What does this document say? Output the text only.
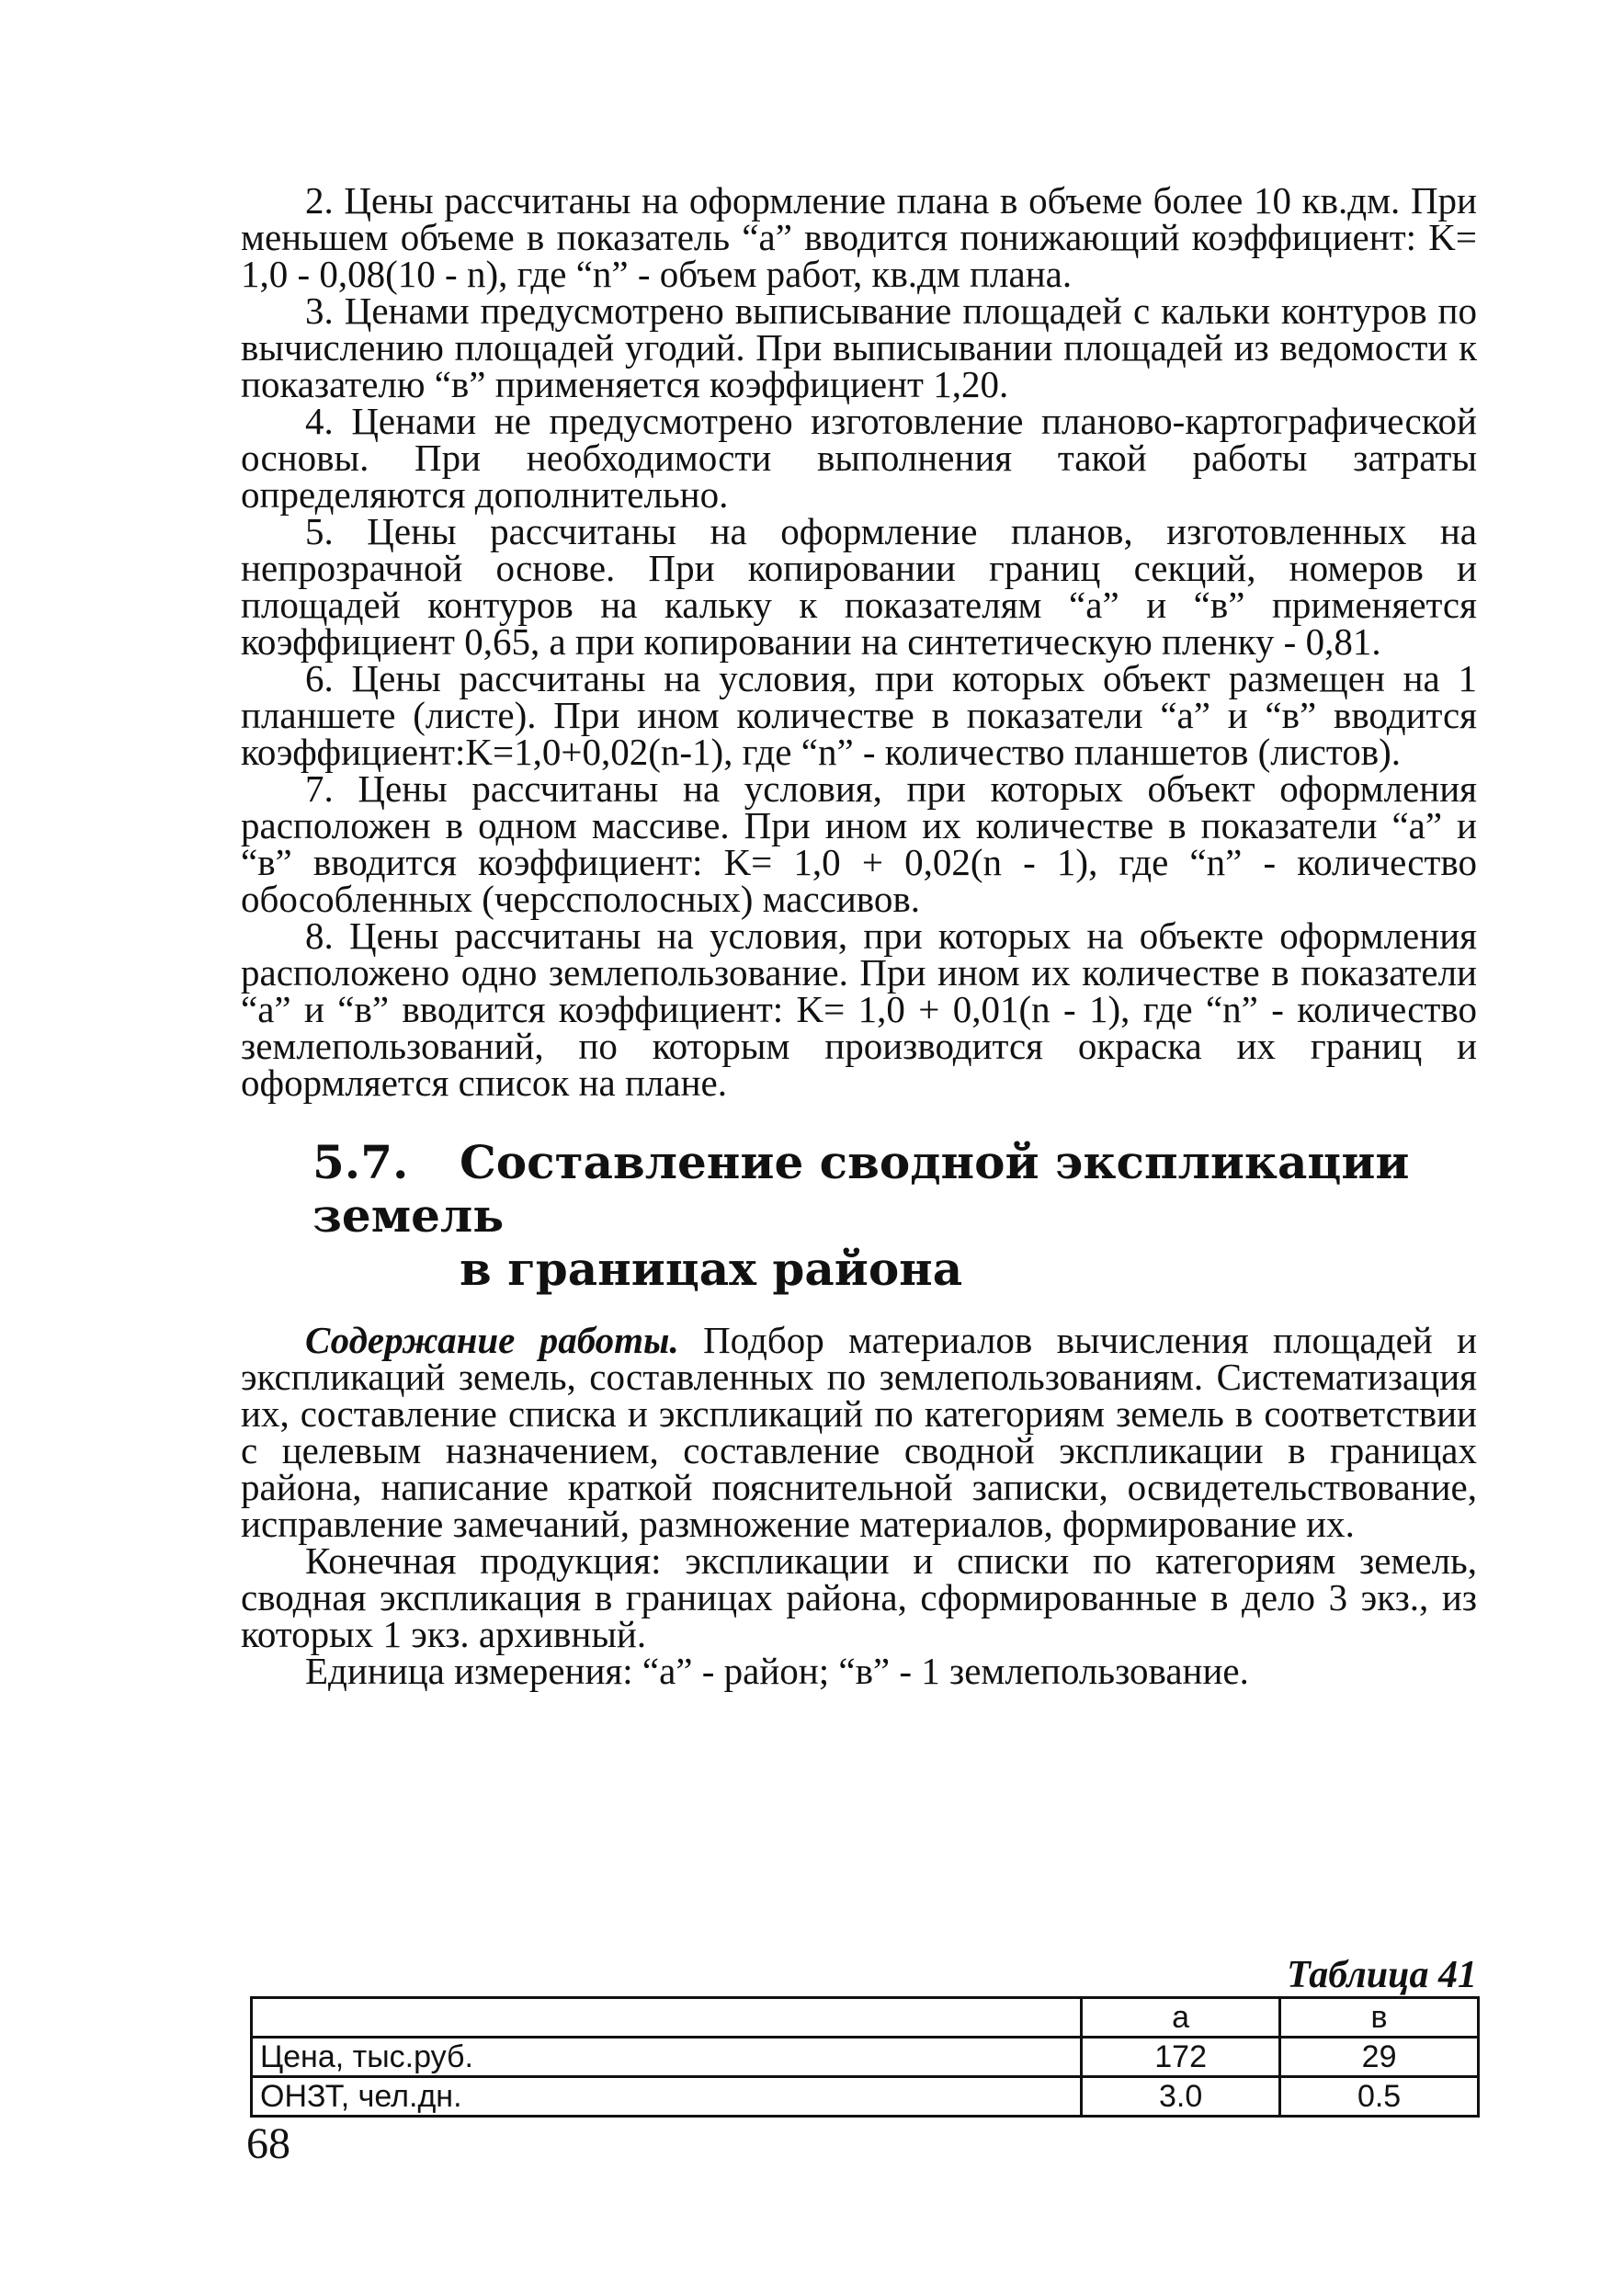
2. Цены рассчитаны на оформление плана в объеме более 10 кв.дм. При меньшем объеме в показатель “а” вводится понижающий коэффициент: K= 1,0 - 0,08(10 - n), где “n” - объем работ, кв.дм плана.

3. Ценами предусмотрено выписывание площадей с кальки контуров по вычислению площадей угодий. При выписывании площадей из ведомости к показателю “в” применяется коэффициент 1,20.

4. Ценами не предусмотрено изготовление планово-картографической основы. При необходимости выполнения такой работы затраты определяются дополнительно.

5. Цены рассчитаны на оформление планов, изготовленных на непрозрачной основе. При копировании границ секций, номеров и площадей контуров на кальку к показателям “а” и “в” применяется коэффициент 0,65, а при копировании на синтетическую пленку - 0,81.

6. Цены рассчитаны на условия, при которых объект размещен на 1 планшете (листе). При ином количестве в показатели “а” и “в” вводится коэффициент:K=1,0+0,02(n-1), где “n” - количество планшетов (листов).

7. Цены рассчитаны на условия, при которых объект оформления расположен в одном массиве. При ином их количестве в показатели “а” и “в” вводится коэффициент: K= 1,0 + 0,02(n - 1), где “n” - количество обособленных (черссполосных) массивов.

8. Цены рассчитаны на условия, при которых на объекте оформления расположено одно землепользование. При ином их количестве в показатели “а” и “в” вводится коэффициент: K= 1,0 + 0,01(n - 1), где “n” - количество землепользований, по которым производится окраска их границ и оформляется список на плане.

5.7. Составление сводной экспликации земель
в границах района

Содержание работы. Подбор материалов вычисления площадей и экспликаций земель, составленных по землепользованиям. Систематизация их, составление списка и экспликаций по категориям земель в соответствии с целевым назначением, составление сводной экспликации в границах района, написание краткой пояснительной записки, освидетельствование, исправление замечаний, размножение материалов, формирование их.

Конечная продукция: экспликации и списки по категориям земель, сводная экспликация в границах района, сформированные в дело 3 экз., из которых 1 экз. архивный.

Единица измерения: “а” - район; “в” - 1 землепользование.

Таблица 41
	а	в
Цена, тыс.руб.	172	29
ОНЗТ, чел.дн.	3.0	0.5
68
